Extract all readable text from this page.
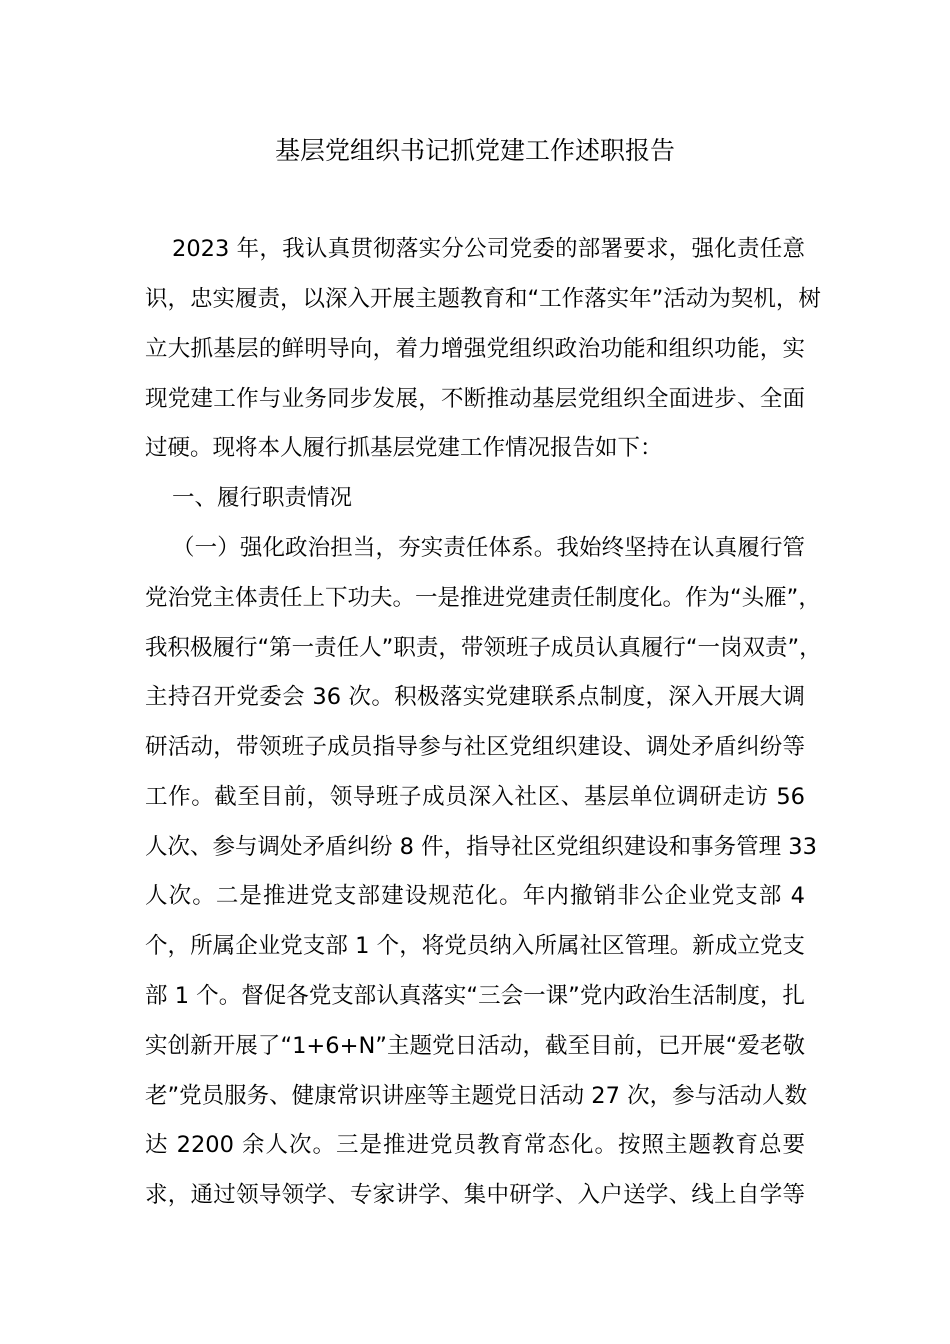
基层党组织书记抓党建工作述职报告

2023 年，我认真贯彻落实分公司党委的部署要求，强化责任意

识，忠实履责，以深入开展主题教育和“工作落实年”活动为契机，树

立大抓基层的鲜明导向，着力增强党组织政治功能和组织功能，实

现党建工作与业务同步发展，不断推动基层党组织全面进步、全面

过硬。现将本人履行抓基层党建工作情况报告如下：

一、履行职责情况

（一）强化政治担当，夯实责任体系。我始终坚持在认真履行管

党治党主体责任上下功夫。一是推进党建责任制度化。作为“头雁”，

我积极履行“第一责任人”职责，带领班子成员认真履行“一岗双责”，

主持召开党委会 36 次。积极落实党建联系点制度，深入开展大调

研活动，带领班子成员指导参与社区党组织建设、调处矛盾纠纷等

工作。截至目前，领导班子成员深入社区、基层单位调研走访 56

人次、参与调处矛盾纠纷 8 件，指导社区党组织建设和事务管理 33

人次。二是推进党支部建设规范化。年内撤销非公企业党支部 4

个，所属企业党支部 1 个，将党员纳入所属社区管理。新成立党支

部 1 个。督促各党支部认真落实“三会一课”党内政治生活制度，扎

实创新开展了“1+6+N”主题党日活动，截至目前，已开展“爱老敬

老”党员服务、健康常识讲座等主题党日活动 27 次，参与活动人数

达 2200 余人次。三是推进党员教育常态化。按照主题教育总要

求，通过领导领学、专家讲学、集中研学、入户送学、线上自学等
